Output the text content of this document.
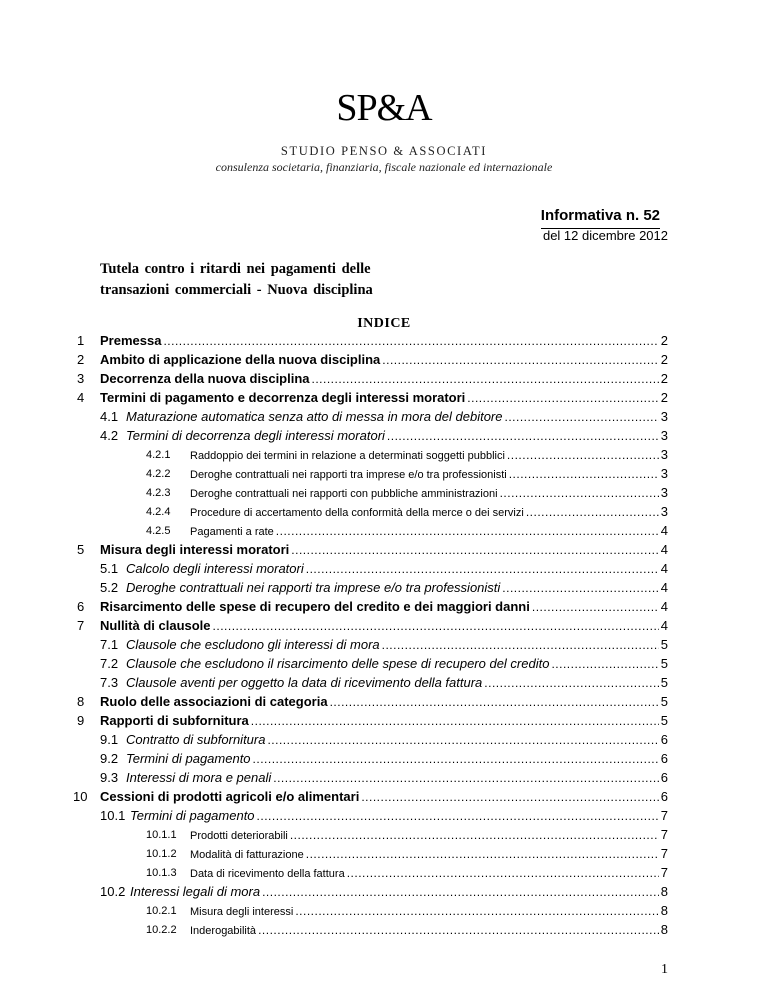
SP&A
STUDIO PENSO & ASSOCIATI
consulenza societaria, finanziaria, fiscale nazionale ed internazionale
Informativa n. 52
del 12 dicembre 2012
Tutela contro i ritardi nei pagamenti delle
transazioni commerciali - Nuova disciplina
INDICE
1 Premessa .....	2
2 Ambito di applicazione della nuova disciplina .....	2
3 Decorrenza della nuova disciplina .....	2
4 Termini di pagamento e decorrenza degli interessi moratori .....	2
4.1 Maturazione automatica senza atto di messa in mora del debitore .....	3
4.2 Termini di decorrenza degli interessi moratori .....	3
4.2.1 Raddoppio dei termini in relazione a determinati soggetti pubblici .....	3
4.2.2 Deroghe contrattuali nei rapporti tra imprese e/o tra professionisti .....	3
4.2.3 Deroghe contrattuali nei rapporti con pubbliche amministrazioni .....	3
4.2.4 Procedure di accertamento della conformità della merce o dei servizi .....	3
4.2.5 Pagamenti a rate .....	4
5 Misura degli interessi moratori .....	4
5.1 Calcolo degli interessi moratori .....	4
5.2 Deroghe contrattuali nei rapporti tra imprese e/o tra professionisti .....	4
6 Risarcimento delle spese di recupero del credito e dei maggiori danni .....	4
7 Nullità di clausole .....	4
7.1 Clausole che escludono gli interessi di mora .....	5
7.2 Clausole che escludono il risarcimento delle spese di recupero del credito .....	5
7.3 Clausole aventi per oggetto la data di ricevimento della fattura .....	5
8 Ruolo delle associazioni di categoria .....	5
9 Rapporti di subfornitura .....	5
9.1 Contratto di subfornitura .....	6
9.2 Termini di pagamento .....	6
9.3 Interessi di mora e penali .....	6
10 Cessioni di prodotti agricoli e/o alimentari .....	6
10.1 Termini di pagamento .....	7
10.1.1 Prodotti deteriorabili .....	7
10.1.2 Modalità di fatturazione .....	7
10.1.3 Data di ricevimento della fattura .....	7
10.2 Interessi legali di mora .....	8
10.2.1 Misura degli interessi .....	8
10.2.2 Inderogabilità .....	8
1
